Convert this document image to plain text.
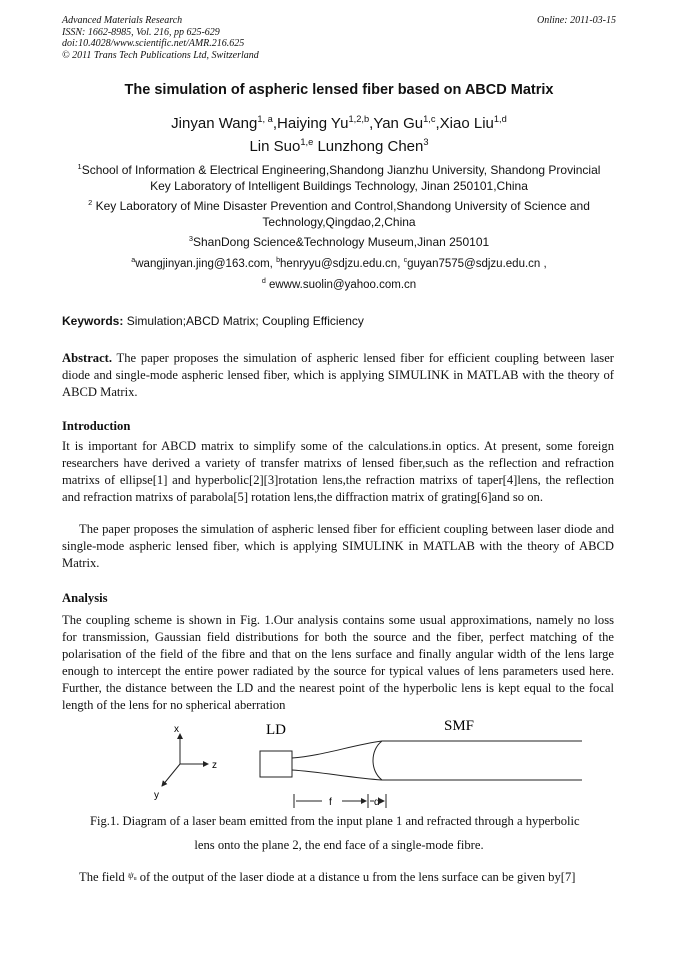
Advanced Materials Research
ISSN: 1662-8985, Vol. 216, pp 625-629
doi:10.4028/www.scientific.net/AMR.216.625
© 2011 Trans Tech Publications Ltd, Switzerland
Online: 2011-03-15
The simulation of aspheric lensed fiber based on ABCD Matrix
Jinyan Wang$^{1, a}$,Haiying Yu$^{1,2,b}$,Yan Gu$^{1,c}$,Xiao Liu$^{1,d}$
Lin Suo$^{1,e}$ Lunzhong Chen$^3$
$^1$School of Information & Electrical Engineering,Shandong Jianzhu University, Shandong Provincial
Key Laboratory of Intelligent Buildings Technology, Jinan 250101,China
$^2$ Key Laboratory of Mine Disaster Prevention and Control,Shandong University of Science and
Technology,Qingdao,2,China
$^3$ShanDong Science&Technology Museum,Jinan 250101
$^a$wangjinyan.jing@163.com, $^b$henryyu@sdjzu.edu.cn, $^c$guyan7575@sdjzu.edu.cn ,
$^d$ ewww.suolin@yahoo.com.cn
Keywords: Simulation;ABCD Matrix; Coupling Efficiency

Abstract. The paper proposes the simulation of aspheric lensed fiber for efficient coupling between laser diode and single-mode aspheric lensed fiber, which is applying SIMULINK in MATLAB with the theory of ABCD Matrix.

Introduction

It is important for ABCD matrix to simplify some of the calculations.in optics. At present, some foreign researchers have derived a variety of transfer matrixs of lensed fiber,such as the reflection and refraction matrixs of ellipse[1] and hyperbolic[2][3]rotation lens,the refraction matrixs of taper[4]lens, the reflection and refraction matrixs of parabola[5] rotation lens,the diffraction matrix of grating[6]and so on.

The paper proposes the simulation of aspheric lensed fiber for efficient coupling between laser diode and single-mode aspheric lensed fiber, which is applying SIMULINK in MATLAB with the theory of ABCD Matrix.

Analysis

The coupling scheme is shown in Fig. 1.Our analysis contains some usual approximations, namely no loss for transmission, Gaussian field distributions for both the source and the fiber, perfect matching of the polarisation of the field of the fibre and that on the lens surface and finally angular width of the lens large enough to intercept the entire power radiated by the source for typical values of lens parameters used here. Further, the distance between the LD and the nearest point of the hyperbolic lens is kept equal to the focal length of the lens for no spherical aberration

x
z
y
LD	SMF
f	d
Fig.1. Diagram of a laser beam emitted from the input plane 1 and refracted through a hyperbolic
lens onto the plane 2, the end face of a single-mode fibre.

The field $^\psi$u of the output of the laser diode at a distance u from the lens surface can be given by[7]
